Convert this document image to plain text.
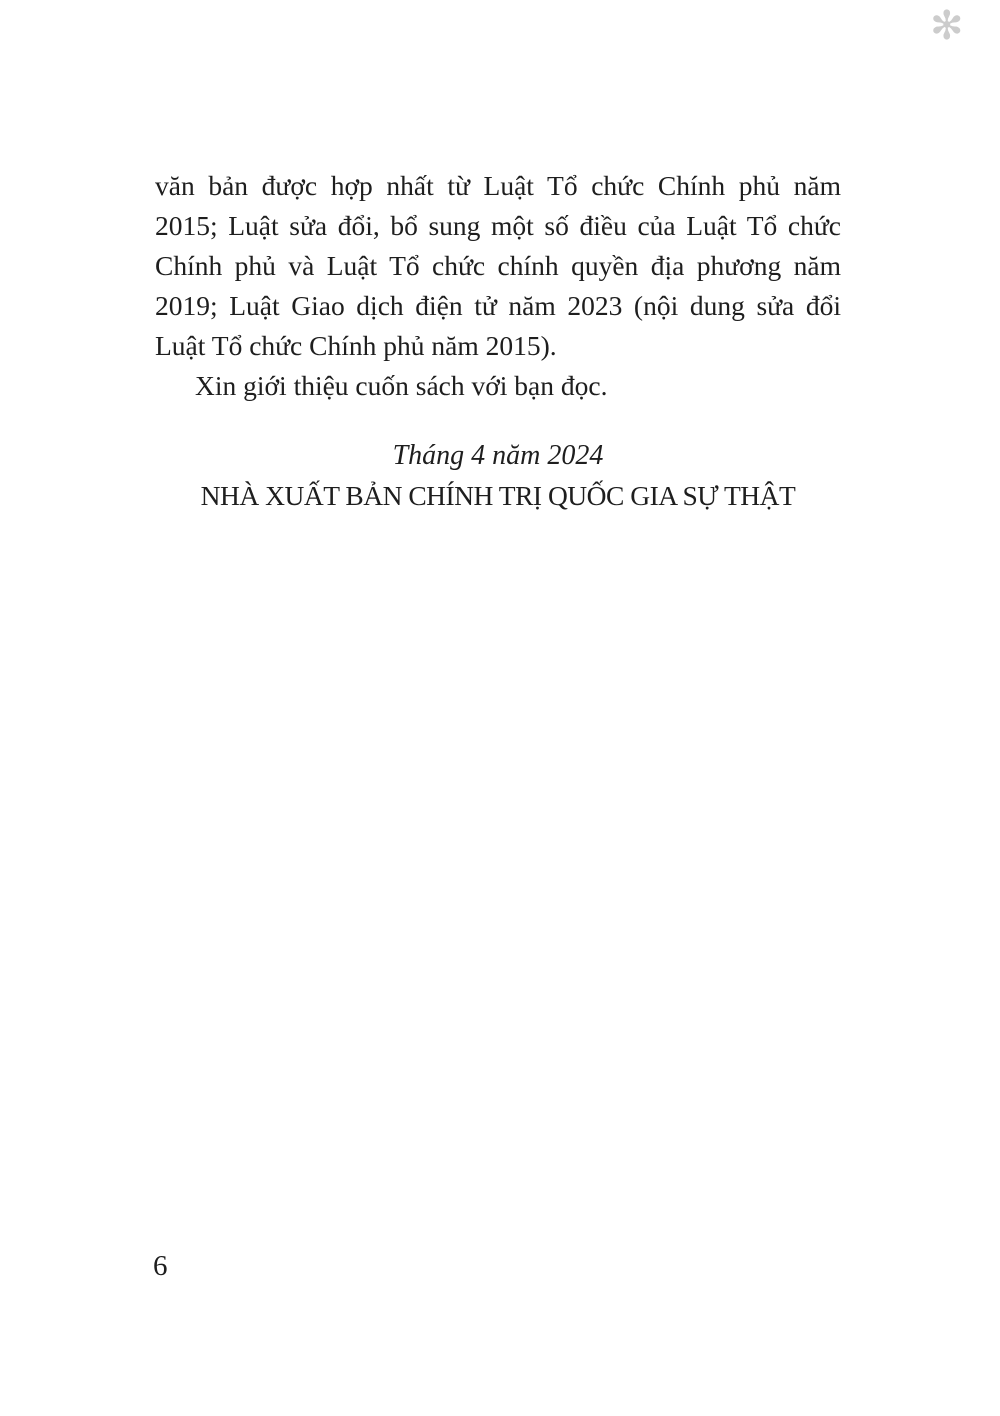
✻

văn bản được hợp nhất từ Luật Tổ chức Chính phủ năm

2015; Luật sửa đổi, bổ sung một số điều của Luật Tổ chức

Chính phủ và Luật Tổ chức chính quyền địa phương năm

2019; Luật Giao dịch điện tử năm 2023 (nội dung sửa đổi

Luật Tổ chức Chính phủ năm 2015).

Xin giới thiệu cuốn sách với bạn đọc.

Tháng 4 năm 2024

NHÀ XUẤT BẢN CHÍNH TRỊ QUỐC GIA SỰ THẬT

6
